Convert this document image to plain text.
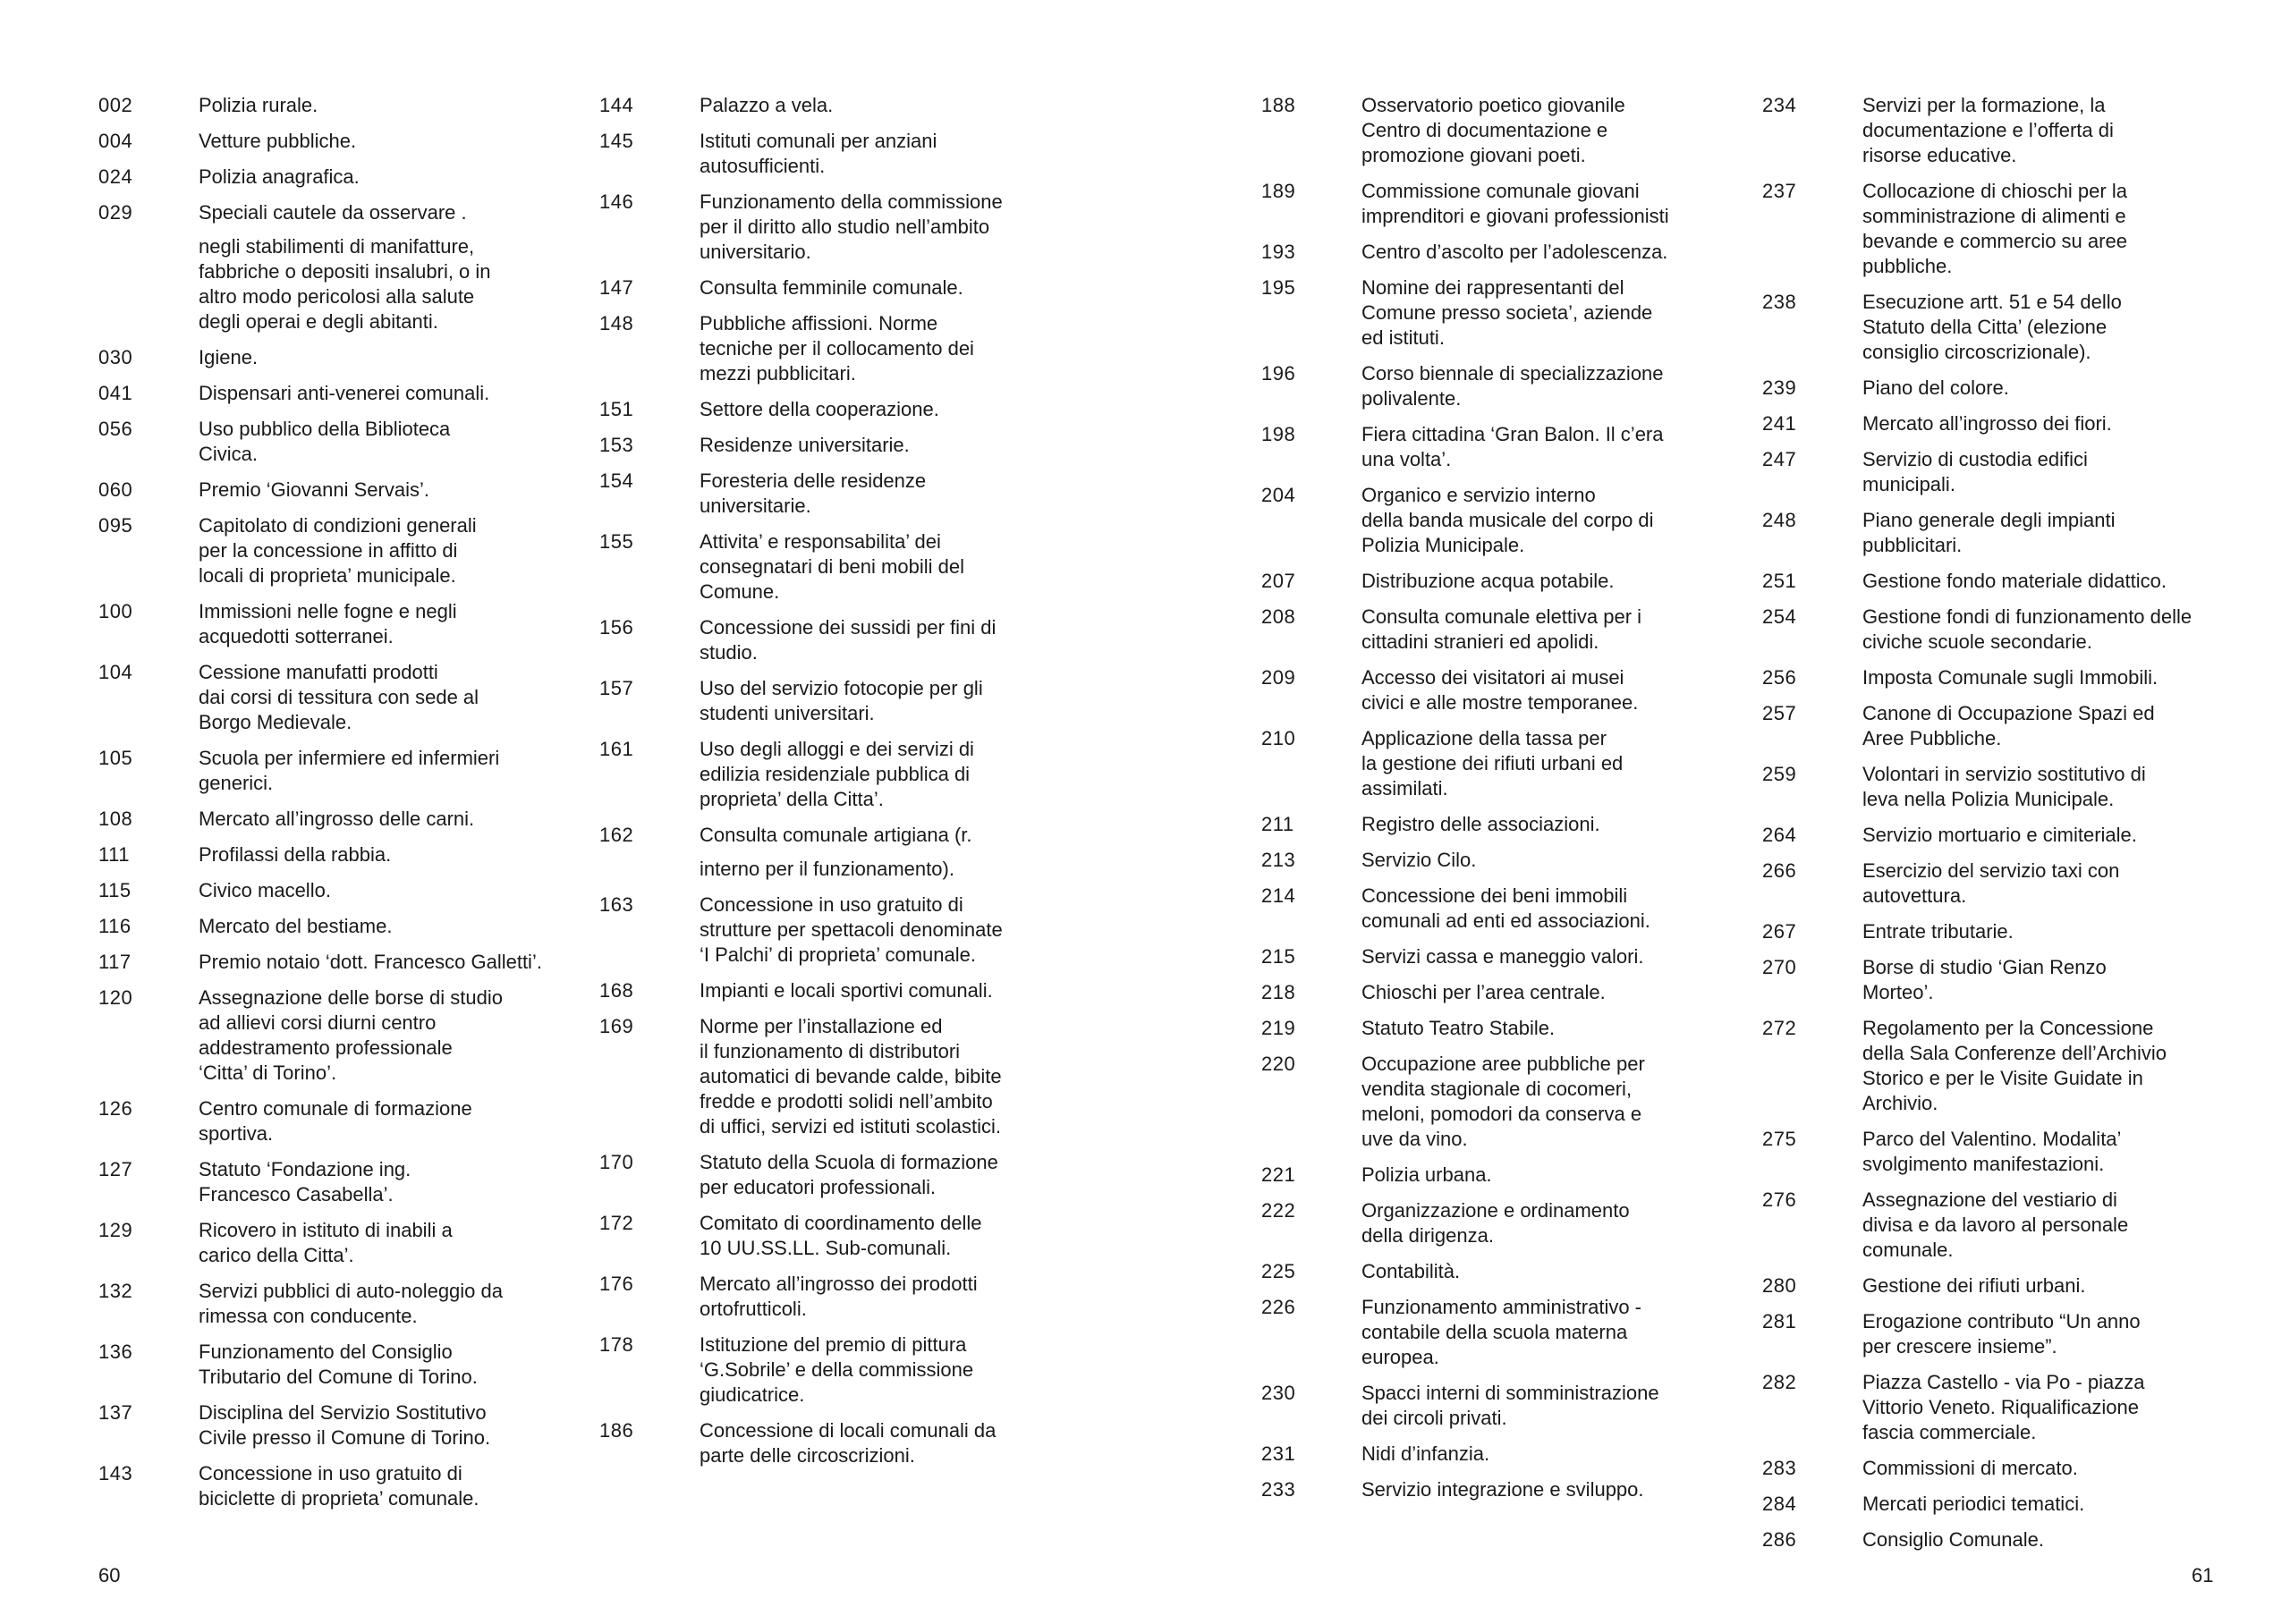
002	Polizia rurale.
004	Vetture pubbliche.
024	Polizia anagrafica.
029	Speciali cautele da osservare .
negli stabilimenti di manifatture,
fabbriche o depositi insalubri, o in
altro modo pericolosi alla salute
degli operai e degli abitanti.
030	Igiene.
041	Dispensari anti-venerei comunali.
056	Uso pubblico della Biblioteca
Civica.
060	Premio ‘Giovanni Servais’.
095	Capitolato di condizioni generali
per la concessione in affitto di
locali di proprieta’ municipale.
100	Immissioni nelle fogne e negli
acquedotti sotterranei.
104	Cessione manufatti prodotti
dai corsi di tessitura con sede al
Borgo Medievale.
105	Scuola per infermiere ed infermieri
generici.
108	Mercato all’ingrosso delle carni.
111	Profilassi della rabbia.
115	Civico macello.
116	Mercato del bestiame.
117	Premio notaio ‘dott. Francesco Galletti’.
120	Assegnazione delle borse di studio
ad allievi corsi diurni centro
addestramento professionale
‘Citta’ di Torino’.
126	Centro comunale di formazione
sportiva.
127	Statuto ‘Fondazione ing.
Francesco Casabella’.
129	Ricovero in istituto di inabili a
carico della Citta’.
132	Servizi pubblici di auto-noleggio da
rimessa con conducente.
136	Funzionamento del Consiglio
Tributario del Comune di Torino.
137	Disciplina del Servizio Sostitutivo
Civile presso il Comune di Torino.
143	Concessione in uso gratuito di
biciclette di proprieta’ comunale.
144	Palazzo a vela.
145	Istituti comunali per anziani
autosufficienti.
146	Funzionamento della commissione
per il diritto allo studio nell’ambito
universitario.
147	Consulta femminile comunale.
148	Pubbliche affissioni. Norme
tecniche per il collocamento dei
mezzi pubblicitari.
151	Settore della cooperazione.
153	Residenze universitarie.
154	Foresteria delle residenze
universitarie.
155	Attivita’ e responsabilita’ dei
consegnatari di beni mobili del
Comune.
156	Concessione dei sussidi per fini di
studio.
157	Uso del servizio fotocopie per gli
studenti universitari.
161	Uso degli alloggi e dei servizi di
edilizia residenziale pubblica di
proprieta’ della Citta’.
162	Consulta comunale artigiana (r.
interno per il funzionamento).
163	Concessione in uso gratuito di
strutture per spettacoli denominate
‘I Palchi’ di proprieta’ comunale.
168	Impianti e locali sportivi comunali.
169	Norme per l’installazione ed
il funzionamento di distributori
automatici di bevande calde, bibite
fredde e prodotti solidi nell’ambito
di uffici, servizi ed istituti scolastici.
170	Statuto della Scuola di formazione
per educatori professionali.
172	Comitato di coordinamento delle
10 UU.SS.LL. Sub-comunali.
176	Mercato all’ingrosso dei prodotti
ortofrutticoli.
178	Istituzione del premio di pittura
‘G.Sobrile’ e della commissione
giudicatrice.
186	Concessione di locali comunali da
parte delle circoscrizioni.
60
188	Osservatorio poetico giovanile
Centro di documentazione e
promozione giovani poeti.
189	Commissione comunale giovani
imprenditori e giovani professionisti
193	Centro d’ascolto per l’adolescenza.
195	Nomine dei rappresentanti del
Comune presso societa’, aziende
ed istituti.
196	Corso biennale di specializzazione
polivalente.
198	Fiera cittadina ‘Gran Balon. Il c’era
una volta’.
204	Organico e servizio interno
della banda musicale del corpo di
Polizia Municipale.
207	Distribuzione acqua potabile.
208	Consulta comunale elettiva per i
cittadini stranieri ed apolidi.
209	Accesso dei visitatori ai musei
civici e alle mostre temporanee.
210	Applicazione della tassa per
la gestione dei rifiuti urbani ed
assimilati.
211	Registro delle associazioni.
213	Servizio Cilo.
214	Concessione dei beni immobili
comunali ad enti ed associazioni.
215	Servizi cassa e maneggio valori.
218	Chioschi per l’area centrale.
219	Statuto Teatro Stabile.
220	Occupazione aree pubbliche per
vendita stagionale di cocomeri,
meloni, pomodori da conserva e
uve da vino.
221	Polizia urbana.
222	Organizzazione e ordinamento
della dirigenza.
225	Contabilità.
226	Funzionamento amministrativo -
contabile della scuola materna
europea.
230	Spacci interni di somministrazione
dei circoli privati.
231	Nidi d’infanzia.
233	Servizio integrazione e sviluppo.
234	Servizi per la formazione, la
documentazione e l’offerta di
risorse educative.
237	Collocazione di chioschi per la
somministrazione di alimenti e
bevande e commercio su aree
pubbliche.
238	Esecuzione artt. 51 e 54 dello
Statuto della Citta’ (elezione
consiglio circoscrizionale).
239	Piano del colore.
241	Mercato all’ingrosso dei fiori.
247	Servizio di custodia edifici
municipali.
248	Piano generale degli impianti
pubblicitari.
251	Gestione fondo materiale didattico.
254	Gestione fondi di funzionamento delle
civiche scuole secondarie.
256	Imposta Comunale sugli Immobili.
257	Canone di Occupazione Spazi ed
Aree Pubbliche.
259	Volontari in servizio sostitutivo di
leva nella Polizia Municipale.
264	Servizio mortuario e cimiteriale.
266	Esercizio del servizio taxi con
autovettura.
267	Entrate tributarie.
270	Borse di studio ‘Gian Renzo
Morteo’.
272	Regolamento per la Concessione
della Sala Conferenze dell’Archivio
Storico e per le Visite Guidate in
Archivio.
275	Parco del Valentino. Modalita’
svolgimento manifestazioni.
276	Assegnazione del vestiario di
divisa e da lavoro al personale
comunale.
280	Gestione dei rifiuti urbani.
281	Erogazione contributo “Un anno
per crescere insieme”.
282	Piazza Castello - via Po - piazza
Vittorio Veneto. Riqualificazione
fascia commerciale.
283	Commissioni di mercato.
284	Mercati periodici tematici.
286	Consiglio Comunale.
61
